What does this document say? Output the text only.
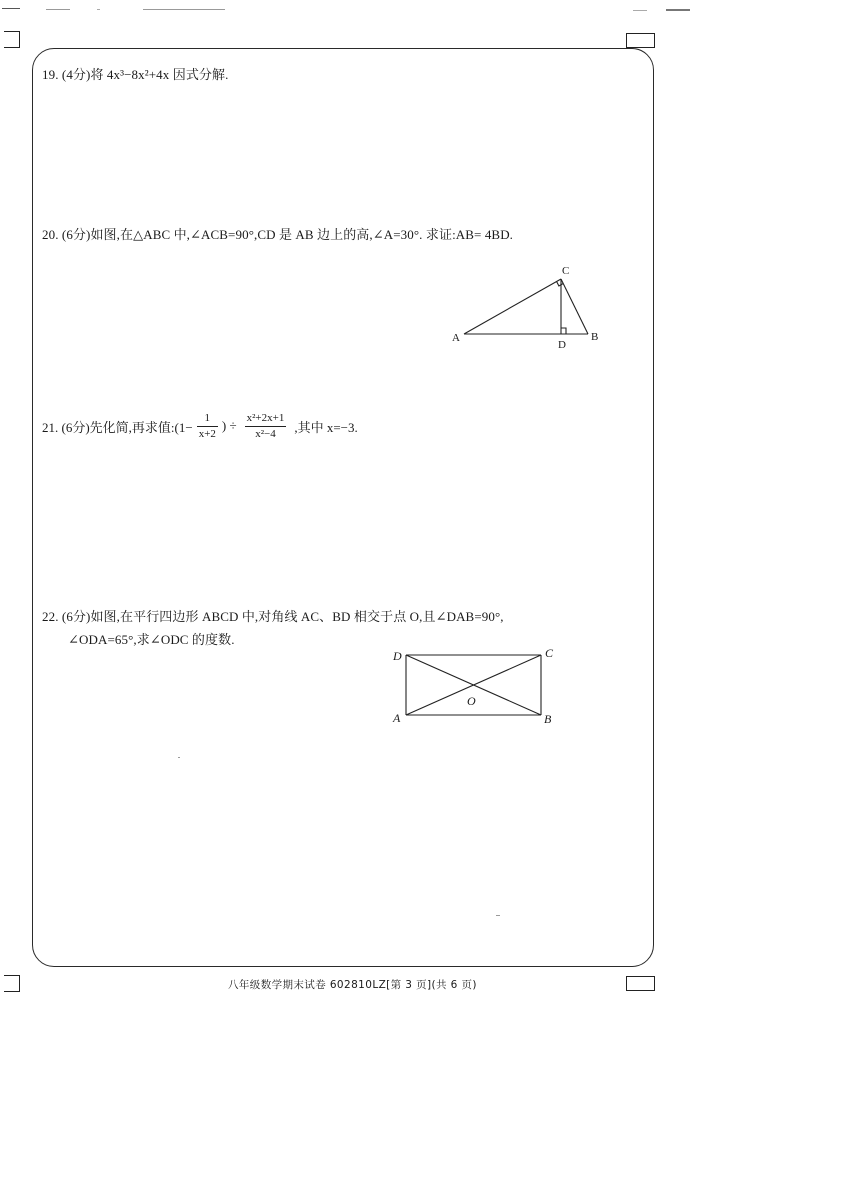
19. (4分)将 4x³−8x²+4x 因式分解.
20. (6分)如图,在△ABC 中,∠ACB=90°,CD 是 AB 边上的高,∠A=30°. 求证:AB= 4BD.
A	B
C
D
21. (6分)先化简,再求值:(1− $\frac{1}{x+2}$ ) ÷ $\frac{\text{x²+2x+1}}{\text{x²−4}}$ ,其中 x=−3.
22. (6分)如图,在平行四边形 ABCD 中,对角线 AC、BD 相交于点 O,且∠DAB=90°,
∠ODA=65°,求∠ODC 的度数.
D	C
A	B
O
八年级数学期末试卷 602810LZ[第 3 页](共 6 页)
